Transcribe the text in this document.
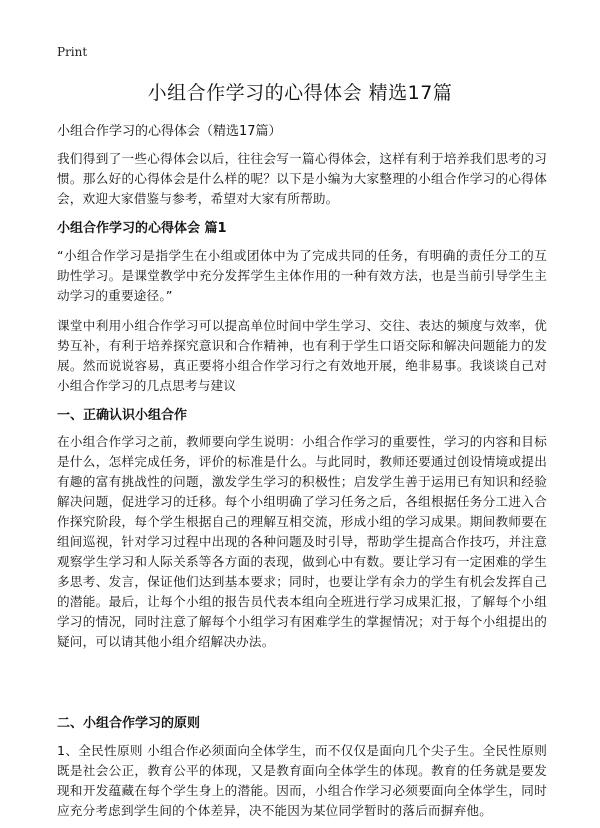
Print
小组合作学习的心得体会 精选17篇

小组合作学习的心得体会（精选17篇）

我们得到了一些心得体会以后，往往会写一篇心得体会，这样有利于培养我们思考的习惯。那么好的心得体会是什么样的呢？以下是小编为大家整理的小组合作学习的心得体会，欢迎大家借鉴与参考，希望对大家有所帮助。

小组合作学习的心得体会 篇1

“小组合作学习是指学生在小组或团体中为了完成共同的任务，有明确的责任分工的互助性学习。是课堂教学中充分发挥学生主体作用的一种有效方法，也是当前引导学生主动学习的重要途径。”

课堂中利用小组合作学习可以提高单位时间中学生学习、交往、表达的频度与效率，优势互补，有利于培养探究意识和合作精神，也有利于学生口语交际和解决问题能力的发展。然而说说容易，真正要将小组合作学习行之有效地开展，绝非易事。我谈谈自己对小组合作学习的几点思考与建议

一、正确认识小组合作

在小组合作学习之前，教师要向学生说明：小组合作学习的重要性，学习的内容和目标是什么，怎样完成任务，评价的标准是什么。与此同时，教师还要通过创设情境或提出有趣的富有挑战性的问题，激发学生学习的积极性；启发学生善于运用已有知识和经验解决问题，促进学习的迁移。每个小组明确了学习任务之后，各组根据任务分工进入合作探究阶段，每个学生根据自己的理解互相交流，形成小组的学习成果。期间教师要在组间巡视，针对学习过程中出现的各种问题及时引导，帮助学生提高合作技巧，并注意观察学生学习和人际关系等各方面的表现，做到心中有数。要让学习有一定困难的学生多思考、发言，保证他们达到基本要求；同时，也要让学有余力的学生有机会发挥自己的潜能。最后，让每个小组的报告员代表本组向全班进行学习成果汇报，了解每个小组学习的情况，同时注意了解每个小组学习有困难学生的掌握情况；对于每个小组提出的疑问，可以请其他小组介绍解决办法。

二、小组合作学习的原则

1、全民性原则 小组合作必须面向全体学生，而不仅仅是面向几个尖子生。全民性原则既是社会公正，教育公平的体现，又是教育面向全体学生的体现。教育的任务就是要发现和开发蕴藏在每个学生身上的潜能。因而，小组合作学习必须要面向全体学生，同时应充分考虑到学生间的个体差异，决不能因为某位同学暂时的落后而摒弃他。
